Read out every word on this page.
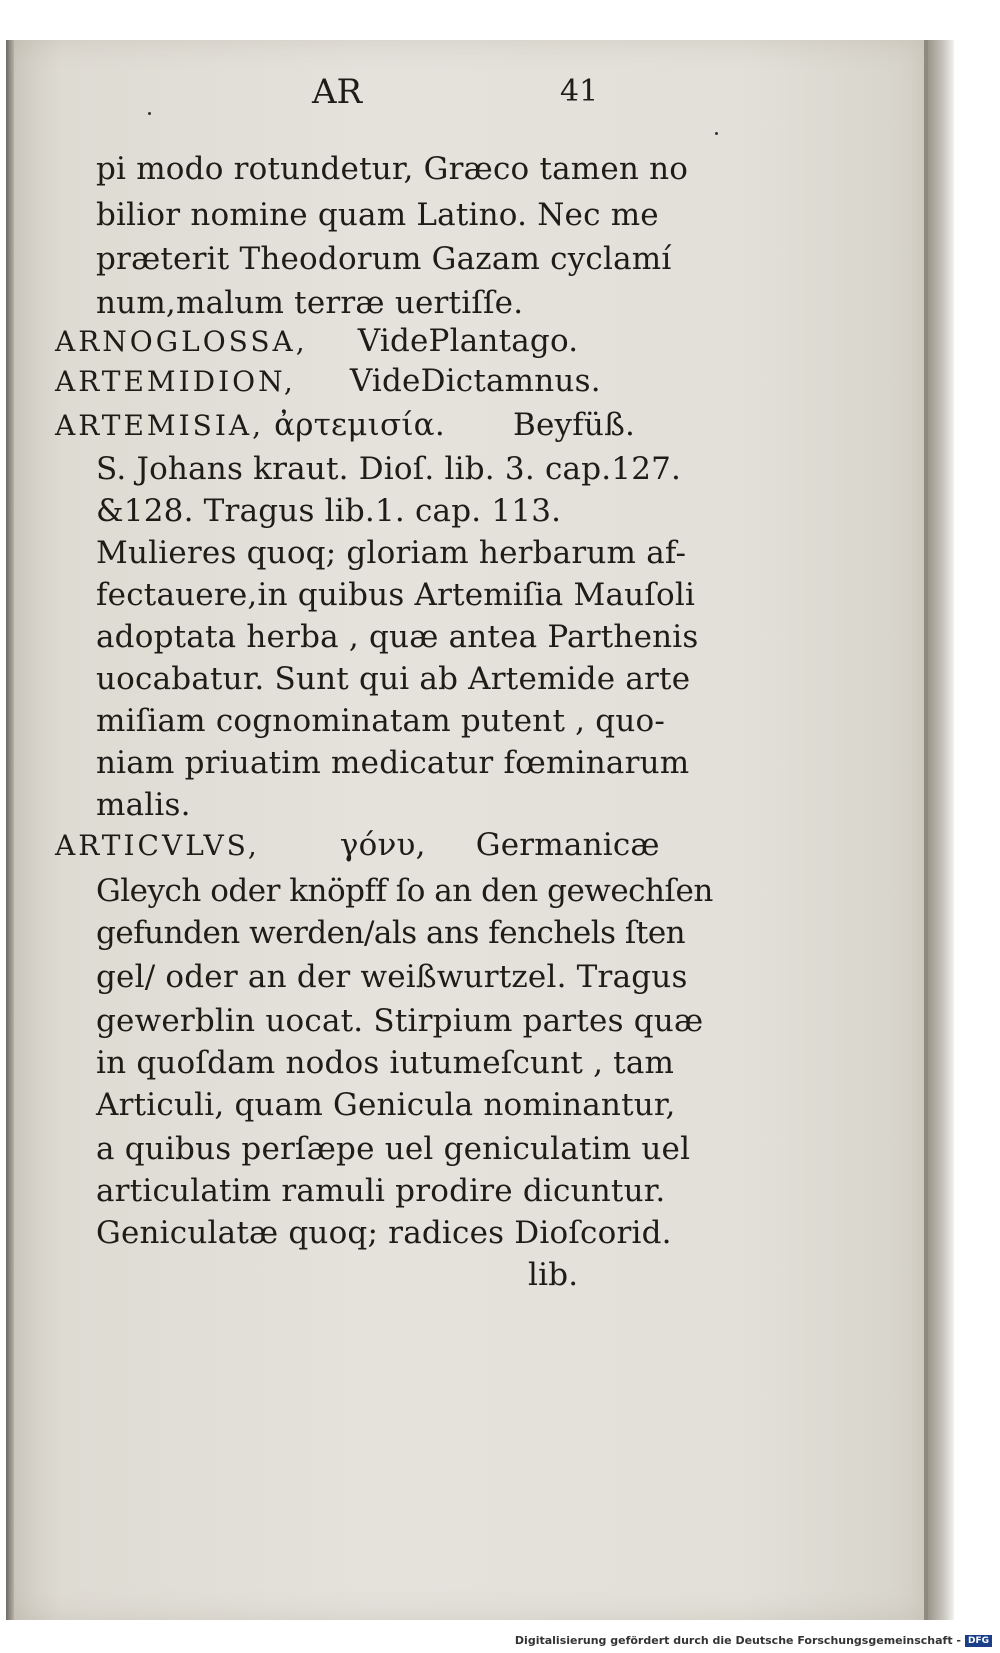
AR	41
pi modo rotundetur, Græco tamen no
bilior nomine quam Latino. Nec me
præterit Theodorum Gazam cyclamí
num,malum terræ uertiſſe.
ARNOGLOSSA, VidePlantago.
ARTEMIDION, VideDictamnus.
ARTEMISIA, ἀρτεμισία. Beyfüß.
S. Johans kraut. Dioſ. lib. 3. cap.127.
&128. Tragus lib.1. cap. 113.
Mulieres quoq; gloriam herbarum af-
fectauere,in quibus Artemiſia Mauſoli
adoptata herba , quæ antea Parthenis
uocabatur. Sunt qui ab Artemide arte
miſiam cognominatam putent , quo-
niam priuatim medicatur fœminarum
malis.
ARTICVLVS,	γόνυ, Germanicæ
Gleych oder knöpff ſo an den gewechſen
gefunden werden/als ans fenchels ſten
gel/ oder an der weißwurtzel. Tragus
gewerblin uocat. Stirpium partes quæ
in quoſdam nodos iutumeſcunt , tam
Articuli, quam Genicula nominantur,
a quibus perſæpe uel geniculatim uel
articulatim ramuli prodire dicuntur.
Geniculatæ quoq; radices Dioſcorid.
lib.
Digitalisierung gefördert durch die Deutsche Forschungsgemeinschaft - DFG
